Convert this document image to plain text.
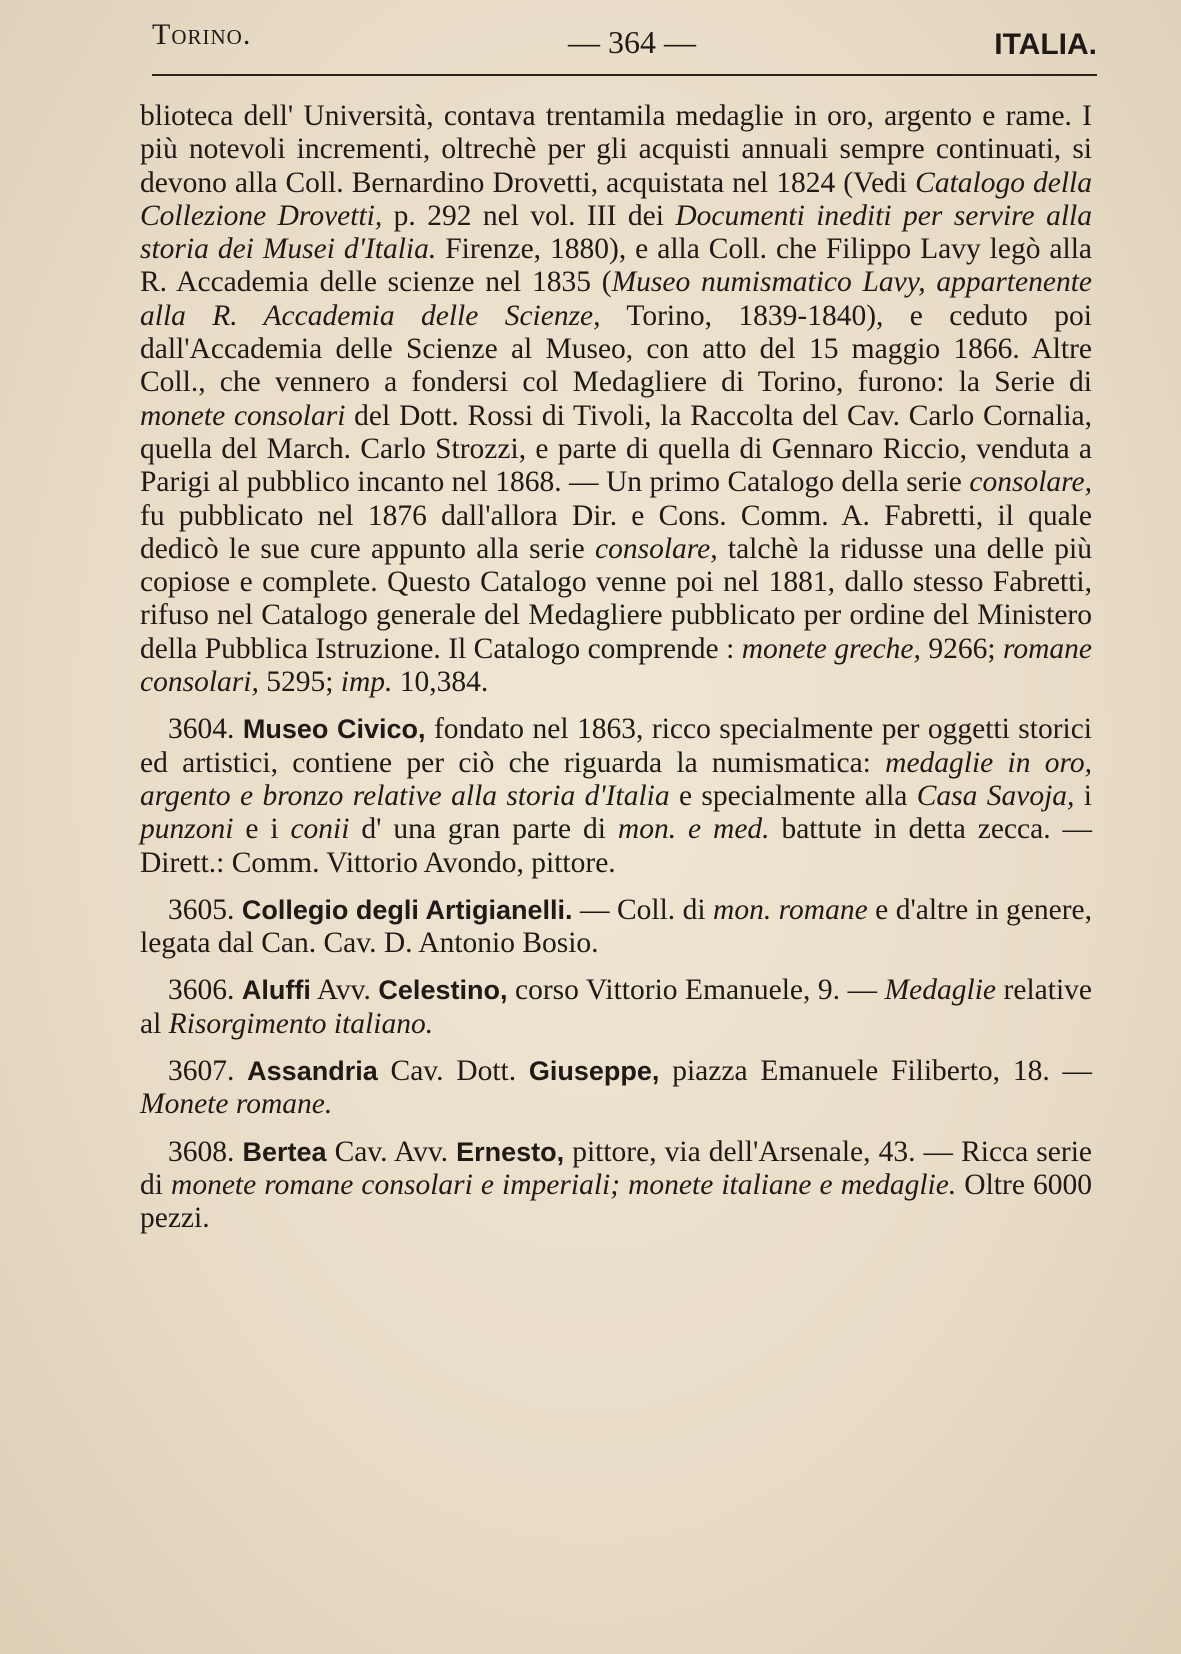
Torino.	— 364 —	ITALIA.

blioteca dell' Università, contava trentamila medaglie in oro, argento e rame. I più notevoli incrementi, oltrechè per gli acquisti annuali sempre continuati, si devono alla Coll. Bernardino Drovetti, acquistata nel 1824 (Vedi Catalogo della Collezione Drovetti, p. 292 nel vol. III dei Documenti inediti per servire alla storia dei Musei d'Italia. Firenze, 1880), e alla Coll. che Filippo Lavy legò alla R. Accademia delle scienze nel 1835 (Museo numismatico Lavy, appartenente alla R. Accademia delle Scienze, Torino, 1839-1840), e ceduto poi dall'Accademia delle Scienze al Museo, con atto del 15 maggio 1866. Altre Coll., che vennero a fondersi col Medagliere di Torino, furono: la Serie di monete consolari del Dott. Rossi di Tivoli, la Raccolta del Cav. Carlo Cornalia, quella del March. Carlo Strozzi, e parte di quella di Gennaro Riccio, venduta a Parigi al pubblico incanto nel 1868. — Un primo Catalogo della serie consolare, fu pubblicato nel 1876 dall'allora Dir. e Cons. Comm. A. Fabretti, il quale dedicò le sue cure appunto alla serie consolare, talchè la ridusse una delle più copiose e complete. Questo Catalogo venne poi nel 1881, dallo stesso Fabretti, rifuso nel Catalogo generale del Medagliere pubblicato per ordine del Ministero della Pubblica Istruzione. Il Catalogo comprende : monete greche, 9266; romane consolari, 5295; imp. 10,384.

3604. Museo Civico, fondato nel 1863, ricco specialmente per oggetti storici ed artistici, contiene per ciò che riguarda la numismatica: medaglie in oro, argento e bronzo relative alla storia d'Italia e specialmente alla Casa Savoja, i punzoni e i conii d' una gran parte di mon. e med. battute in detta zecca. — Dirett.: Comm. Vittorio Avondo, pittore.

3605. Collegio degli Artigianelli. — Coll. di mon. romane e d'altre in genere, legata dal Can. Cav. D. Antonio Bosio.

3606. Aluffi Avv. Celestino, corso Vittorio Emanuele, 9. — Medaglie relative al Risorgimento italiano.

3607. Assandria Cav. Dott. Giuseppe, piazza Emanuele Filiberto, 18. — Monete romane.

3608. Bertea Cav. Avv. Ernesto, pittore, via dell'Arsenale, 43. — Ricca serie di monete romane consolari e imperiali; monete italiane e medaglie. Oltre 6000 pezzi.
